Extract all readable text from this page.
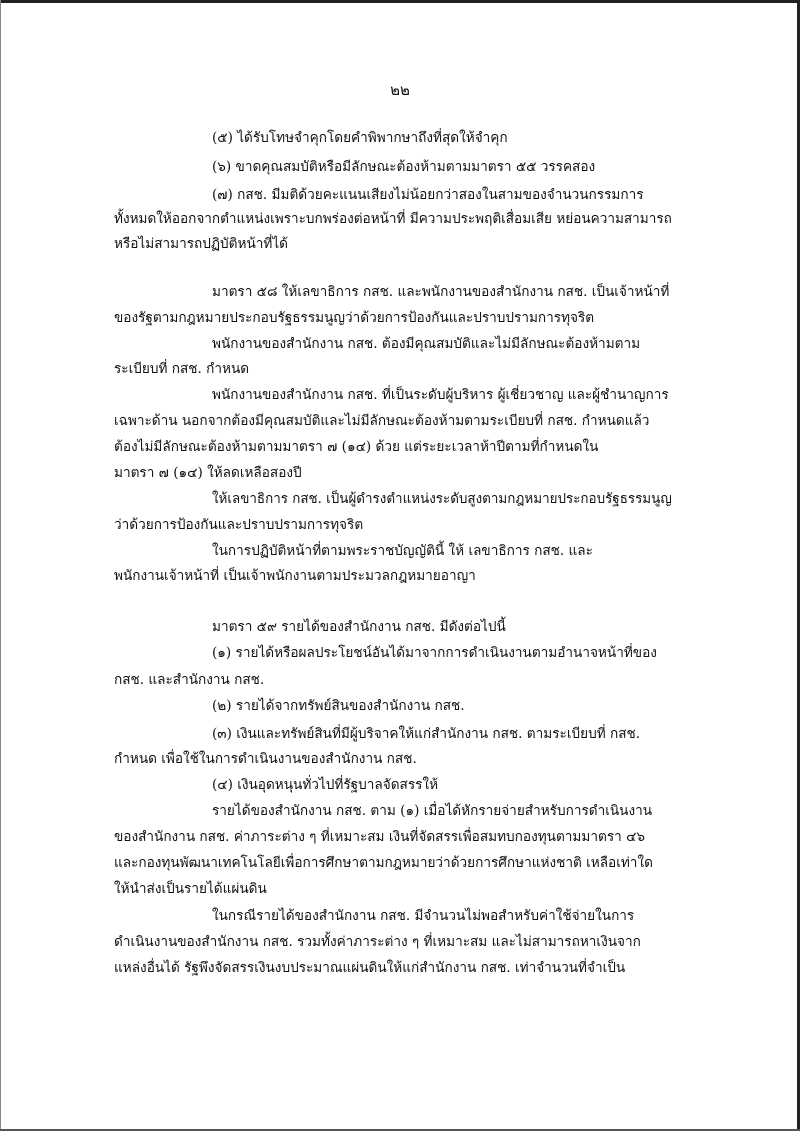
๒๒
(๕) ได้รับโทษจำคุกโดยคำพิพากษาถึงที่สุดให้จำคุก
(๖) ขาดคุณสมบัติหรือมีลักษณะต้องห้ามตามมาตรา ๕๕ วรรคสอง
(๗) กสช. มีมติด้วยคะแนนเสียงไม่น้อยกว่าสองในสามของจำนวนกรรมการ
ทั้งหมดให้ออกจากตำแหน่งเพราะบกพร่องต่อหน้าที่ มีความประพฤติเสื่อมเสีย หย่อนความสามารถ
หรือไม่สามารถปฏิบัติหน้าที่ได้
มาตรา ๕๘ ให้เลขาธิการ กสช. และพนักงานของสำนักงาน กสช. เป็นเจ้าหน้าที่
ของรัฐตามกฎหมายประกอบรัฐธรรมนูญว่าด้วยการป้องกันและปราบปรามการทุจริต
พนักงานของสำนักงาน กสช. ต้องมีคุณสมบัติและไม่มีลักษณะต้องห้ามตาม
ระเบียบที่ กสช. กำหนด
พนักงานของสำนักงาน กสช. ที่เป็นระดับผู้บริหาร ผู้เชี่ยวชาญ และผู้ชำนาญการ
เฉพาะด้าน นอกจากต้องมีคุณสมบัติและไม่มีลักษณะต้องห้ามตามระเบียบที่ กสช. กำหนดแล้ว
ต้องไม่มีลักษณะต้องห้ามตามมาตรา ๗ (๑๔) ด้วย แต่ระยะเวลาห้าปีตามที่กำหนดใน
มาตรา ๗ (๑๔) ให้ลดเหลือสองปี
ให้เลขาธิการ กสช. เป็นผู้ดำรงตำแหน่งระดับสูงตามกฎหมายประกอบรัฐธรรมนูญ
ว่าด้วยการป้องกันและปราบปรามการทุจริต
ในการปฏิบัติหน้าที่ตามพระราชบัญญัตินี้ ให้ เลขาธิการ กสช. และ
พนักงานเจ้าหน้าที่ เป็นเจ้าพนักงานตามประมวลกฎหมายอาญา
มาตรา ๕๙ รายได้ของสำนักงาน กสช. มีดังต่อไปนี้
(๑) รายได้หรือผลประโยชน์อันได้มาจากการดำเนินงานตามอำนาจหน้าที่ของ
กสช. และสำนักงาน กสช.
(๒) รายได้จากทรัพย์สินของสำนักงาน กสช.
(๓) เงินและทรัพย์สินที่มีผู้บริจาคให้แก่สำนักงาน กสช. ตามระเบียบที่ กสช.
กำหนด เพื่อใช้ในการดำเนินงานของสำนักงาน กสช.
(๔) เงินอุดหนุนทั่วไปที่รัฐบาลจัดสรรให้
รายได้ของสำนักงาน กสช. ตาม (๑) เมื่อได้หักรายจ่ายสำหรับการดำเนินงาน
ของสำนักงาน กสช. ค่าภาระต่าง ๆ ที่เหมาะสม เงินที่จัดสรรเพื่อสมทบกองทุนตามมาตรา ๔๖
และกองทุนพัฒนาเทคโนโลยีเพื่อการศึกษาตามกฎหมายว่าด้วยการศึกษาแห่งชาติ เหลือเท่าใด
ให้นำส่งเป็นรายได้แผ่นดิน
ในกรณีรายได้ของสำนักงาน กสช. มีจำนวนไม่พอสำหรับค่าใช้จ่ายในการ
ดำเนินงานของสำนักงาน กสช. รวมทั้งค่าภาระต่าง ๆ ที่เหมาะสม และไม่สามารถหาเงินจาก
แหล่งอื่นได้ รัฐพึงจัดสรรเงินงบประมาณแผ่นดินให้แก่สำนักงาน กสช. เท่าจำนวนที่จำเป็น
